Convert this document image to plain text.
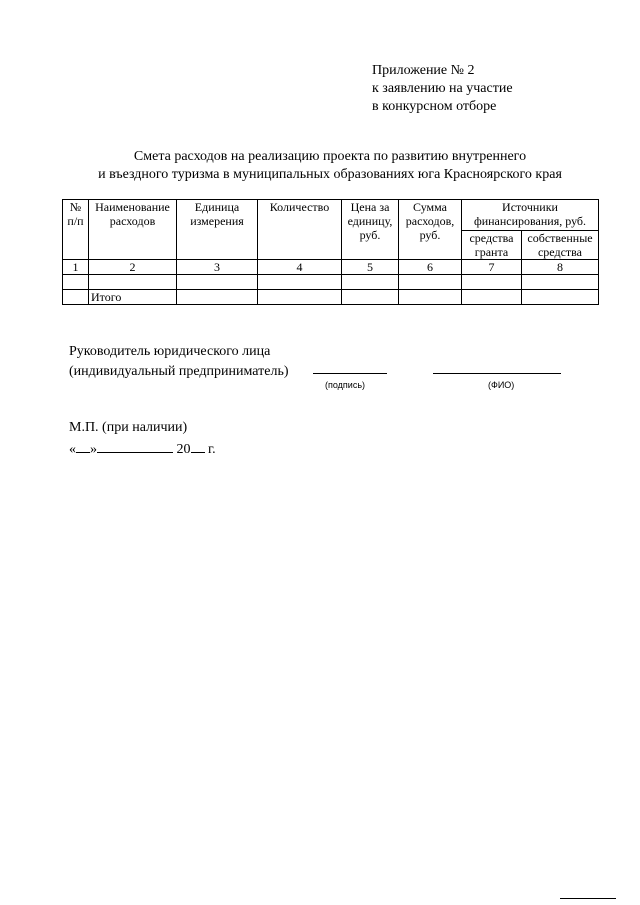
Приложение № 2
к заявлению на участие
в конкурсном отборе
Смета расходов на реализацию проекта по развитию внутреннего
и въездного туризма в муниципальных образованиях юга Красноярского края
№ п/п	Наименование расходов	Единица измерения	Количество	Цена за единицу, руб.	Сумма расходов, руб.	Источники финансирования, руб.	
						средства гранта	собственные средства
1	2	3	4	5	6	7	8

	Итого						
Руководитель юридического лица
(индивидуальный предприниматель)
(подпись)	(ФИО)
М.П. (при наличии)
« »	20 г.
